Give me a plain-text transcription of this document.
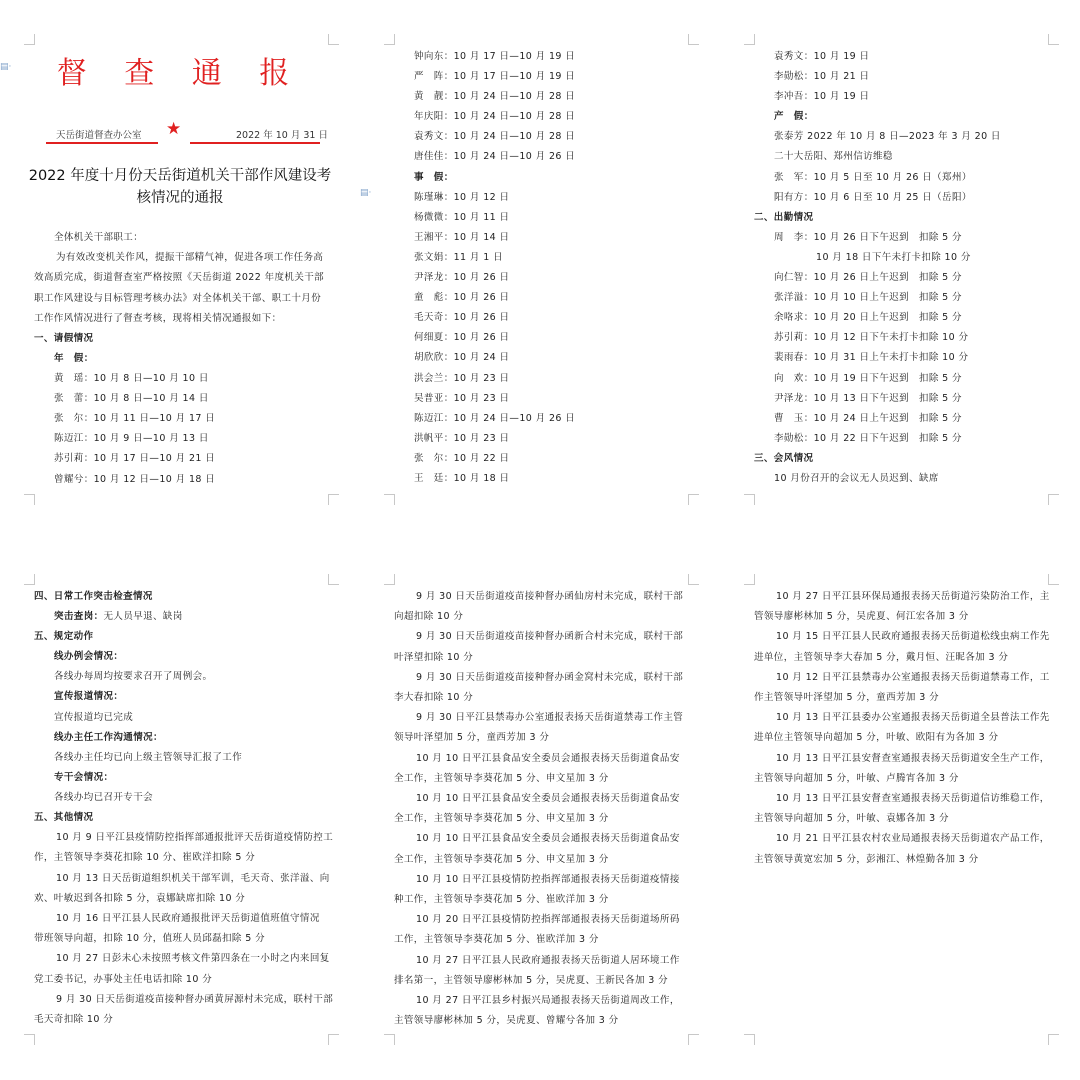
▤·	督 查 通 报
天岳街道督查办公室	2022 年 10 月 31 日
★
2022 年度十月份天岳街道机关干部作风建设考核情况的通报
全体机关干部职工：

为有效改变机关作风，提振干部精气神，促进各项工作任务高效高质完成，街道督查室严格按照《天岳街道 2022 年度机关干部职工作风建设与目标管理考核办法》对全体机关干部、职工十月份工作作风情况进行了督查考核，现将相关情况通报如下：

一、请假情况
年　假：
黄　瑶：10 月 8 日—10 月 10 日
张　蕾：10 月 8 日—10 月 14 日
张　尔：10 月 11 日—10 月 17 日
陈迈江：10 月 9 日—10 月 13 日
苏引莉：10 月 17 日—10 月 21 日
曾耀兮：10 月 12 日—10 月 18 日
▤·
钟向东：10 月 17 日—10 月 19 日
严　阵：10 月 17 日—10 月 19 日
黄　靓：10 月 24 日—10 月 28 日
年庆阳：10 月 24 日—10 月 28 日
袁秀文：10 月 24 日—10 月 28 日
唐佳佳：10 月 24 日—10 月 26 日
事　假：
陈瑾琳：10 月 12 日
杨微微：10 月 11 日
王湘平：10 月 14 日
张文娟：11 月 1 日
尹泽龙：10 月 26 日
童　彪：10 月 26 日
毛天奇：10 月 26 日
何细夏：10 月 26 日
胡欣欣：10 月 24 日
洪会兰：10 月 23 日
吴普亚：10 月 23 日
陈迈江：10 月 24 日—10 月 26 日
洪帆平：10 月 23 日
张　尔：10 月 22 日
王　廷：10 月 18 日
袁秀文：10 月 19 日
李勋松：10 月 21 日
李冲吾：10 月 19 日
产　假：
张泰芳 2022 年 10 月 8 日—2023 年 3 月 20 日
二十大岳阳、郑州信访维稳
张　军：10 月 5 日至 10 月 26 日（郑州）
阳有方：10 月 6 日至 10 月 25 日（岳阳）
二、出勤情况
周　李：10 月 26 日下午迟到　扣除 5 分
10 月 18 日下午未打卡扣除 10 分
向仁智：10 月 26 日上午迟到　扣除 5 分
张洋溢：10 月 10 日上午迟到　扣除 5 分
余咯求：10 月 20 日上午迟到　扣除 5 分
苏引莉：10 月 12 日下午未打卡扣除 10 分
裴雨春：10 月 31 日上午未打卡扣除 10 分
向　欢：10 月 19 日下午迟到　扣除 5 分
尹泽龙：10 月 13 日下午迟到　扣除 5 分
曹　玉：10 月 24 日上午迟到　扣除 5 分
李勋松：10 月 22 日下午迟到　扣除 5 分
三、会风情况
10 月份召开的会议无人员迟到、缺席
四、日常工作突击检查情况
突击查岗：无人员早退、缺岗
五、规定动作
线办例会情况：
各线办每周均按要求召开了周例会。
宣传报道情况：
宣传报道均已完成
线办主任工作沟通情况：
各线办主任均已向上级主管领导汇报了工作
专干会情况：
各线办均已召开专干会
五、其他情况

10 月 9 日平江县疫情防控指挥部通报批评天岳街道疫情防控工作，主管领导李葵花扣除 10 分、崔欧洋扣除 5 分

10 月 13 日天岳街道组织机关干部军训，毛天奇、张洋溢、向欢、叶敏迟到各扣除 5 分，袁娜缺席扣除 10 分

10 月 16 日平江县人民政府通报批评天岳街道值班值守情况　带班领导向超，扣除 10 分，值班人员邱磊扣除 5 分

10 月 27 日彭未心未按照考核文件第四条在一小时之内来回复党工委书记，办事处主任电话扣除 10 分

9 月 30 日天岳街道疫苗接种督办函黄屏源村未完成，联村干部毛天奇扣除 10 分

9 月 30 日天岳街道疫苗接种督办函仙房村未完成，联村干部向超扣除 10 分

9 月 30 日天岳街道疫苗接种督办函新合村未完成，联村干部叶泽望扣除 10 分

9 月 30 日天岳街道疫苗接种督办函金窝村未完成，联村干部李大春扣除 10 分

9 月 30 日平江县禁毒办公室通报表扬天岳街道禁毒工作主管领导叶泽望加 5 分，童西芳加 3 分

10 月 10 日平江县食品安全委员会通报表扬天岳街道食品安全工作，主管领导李葵花加 5 分、申文星加 3 分

10 月 10 日平江县食品安全委员会通报表扬天岳街道食品安全工作，主管领导李葵花加 5 分、申文星加 3 分

10 月 10 日平江县食品安全委员会通报表扬天岳街道食品安全工作，主管领导李葵花加 5 分、申文星加 3 分

10 月 10 日平江县疫情防控指挥部通报表扬天岳街道疫情接种工作，主管领导李葵花加 5 分、崔欧洋加 3 分

10 月 20 日平江县疫情防控指挥部通报表扬天岳街道场所码工作，主管领导李葵花加 5 分、崔欧洋加 3 分

10 月 27 日平江县人民政府通报表扬天岳街道人居环境工作排名第一，主管领导廖彬林加 5 分，吴虎夏、王新民各加 3 分

10 月 27 日平江县乡村振兴局通报表扬天岳街道周改工作，主管领导廖彬林加 5 分，吴虎夏、曾耀兮各加 3 分

10 月 27 日平江县环保局通报表扬天岳街道污染防治工作，主管领导廖彬林加 5 分，吴虎夏、何江宏各加 3 分

10 月 15 日平江县人民政府通报表扬天岳街道松线虫病工作先进单位，主管领导李大春加 5 分，戴月恒、汪昵各加 3 分

10 月 12 日平江县禁毒办公室通报表扬天岳街道禁毒工作，工作主管领导叶泽望加 5 分，童西芳加 3 分

10 月 13 日平江县委办公室通报表扬天岳街道全县普法工作先进单位主管领导向超加 5 分，叶敏、欧阳有为各加 3 分

10 月 13 日平江县安督查室通报表扬天岳街道安全生产工作，主管领导向超加 5 分，叶敏、卢腾宵各加 3 分

10 月 13 日平江县安督查室通报表扬天岳街道信访维稳工作，主管领导向超加 5 分，叶敏、袁娜各加 3 分

10 月 21 日平江县农村农业局通报表扬天岳街道农产品工作，主管领导黄宽宏加 5 分，彭湘江、林煌勤各加 3 分
